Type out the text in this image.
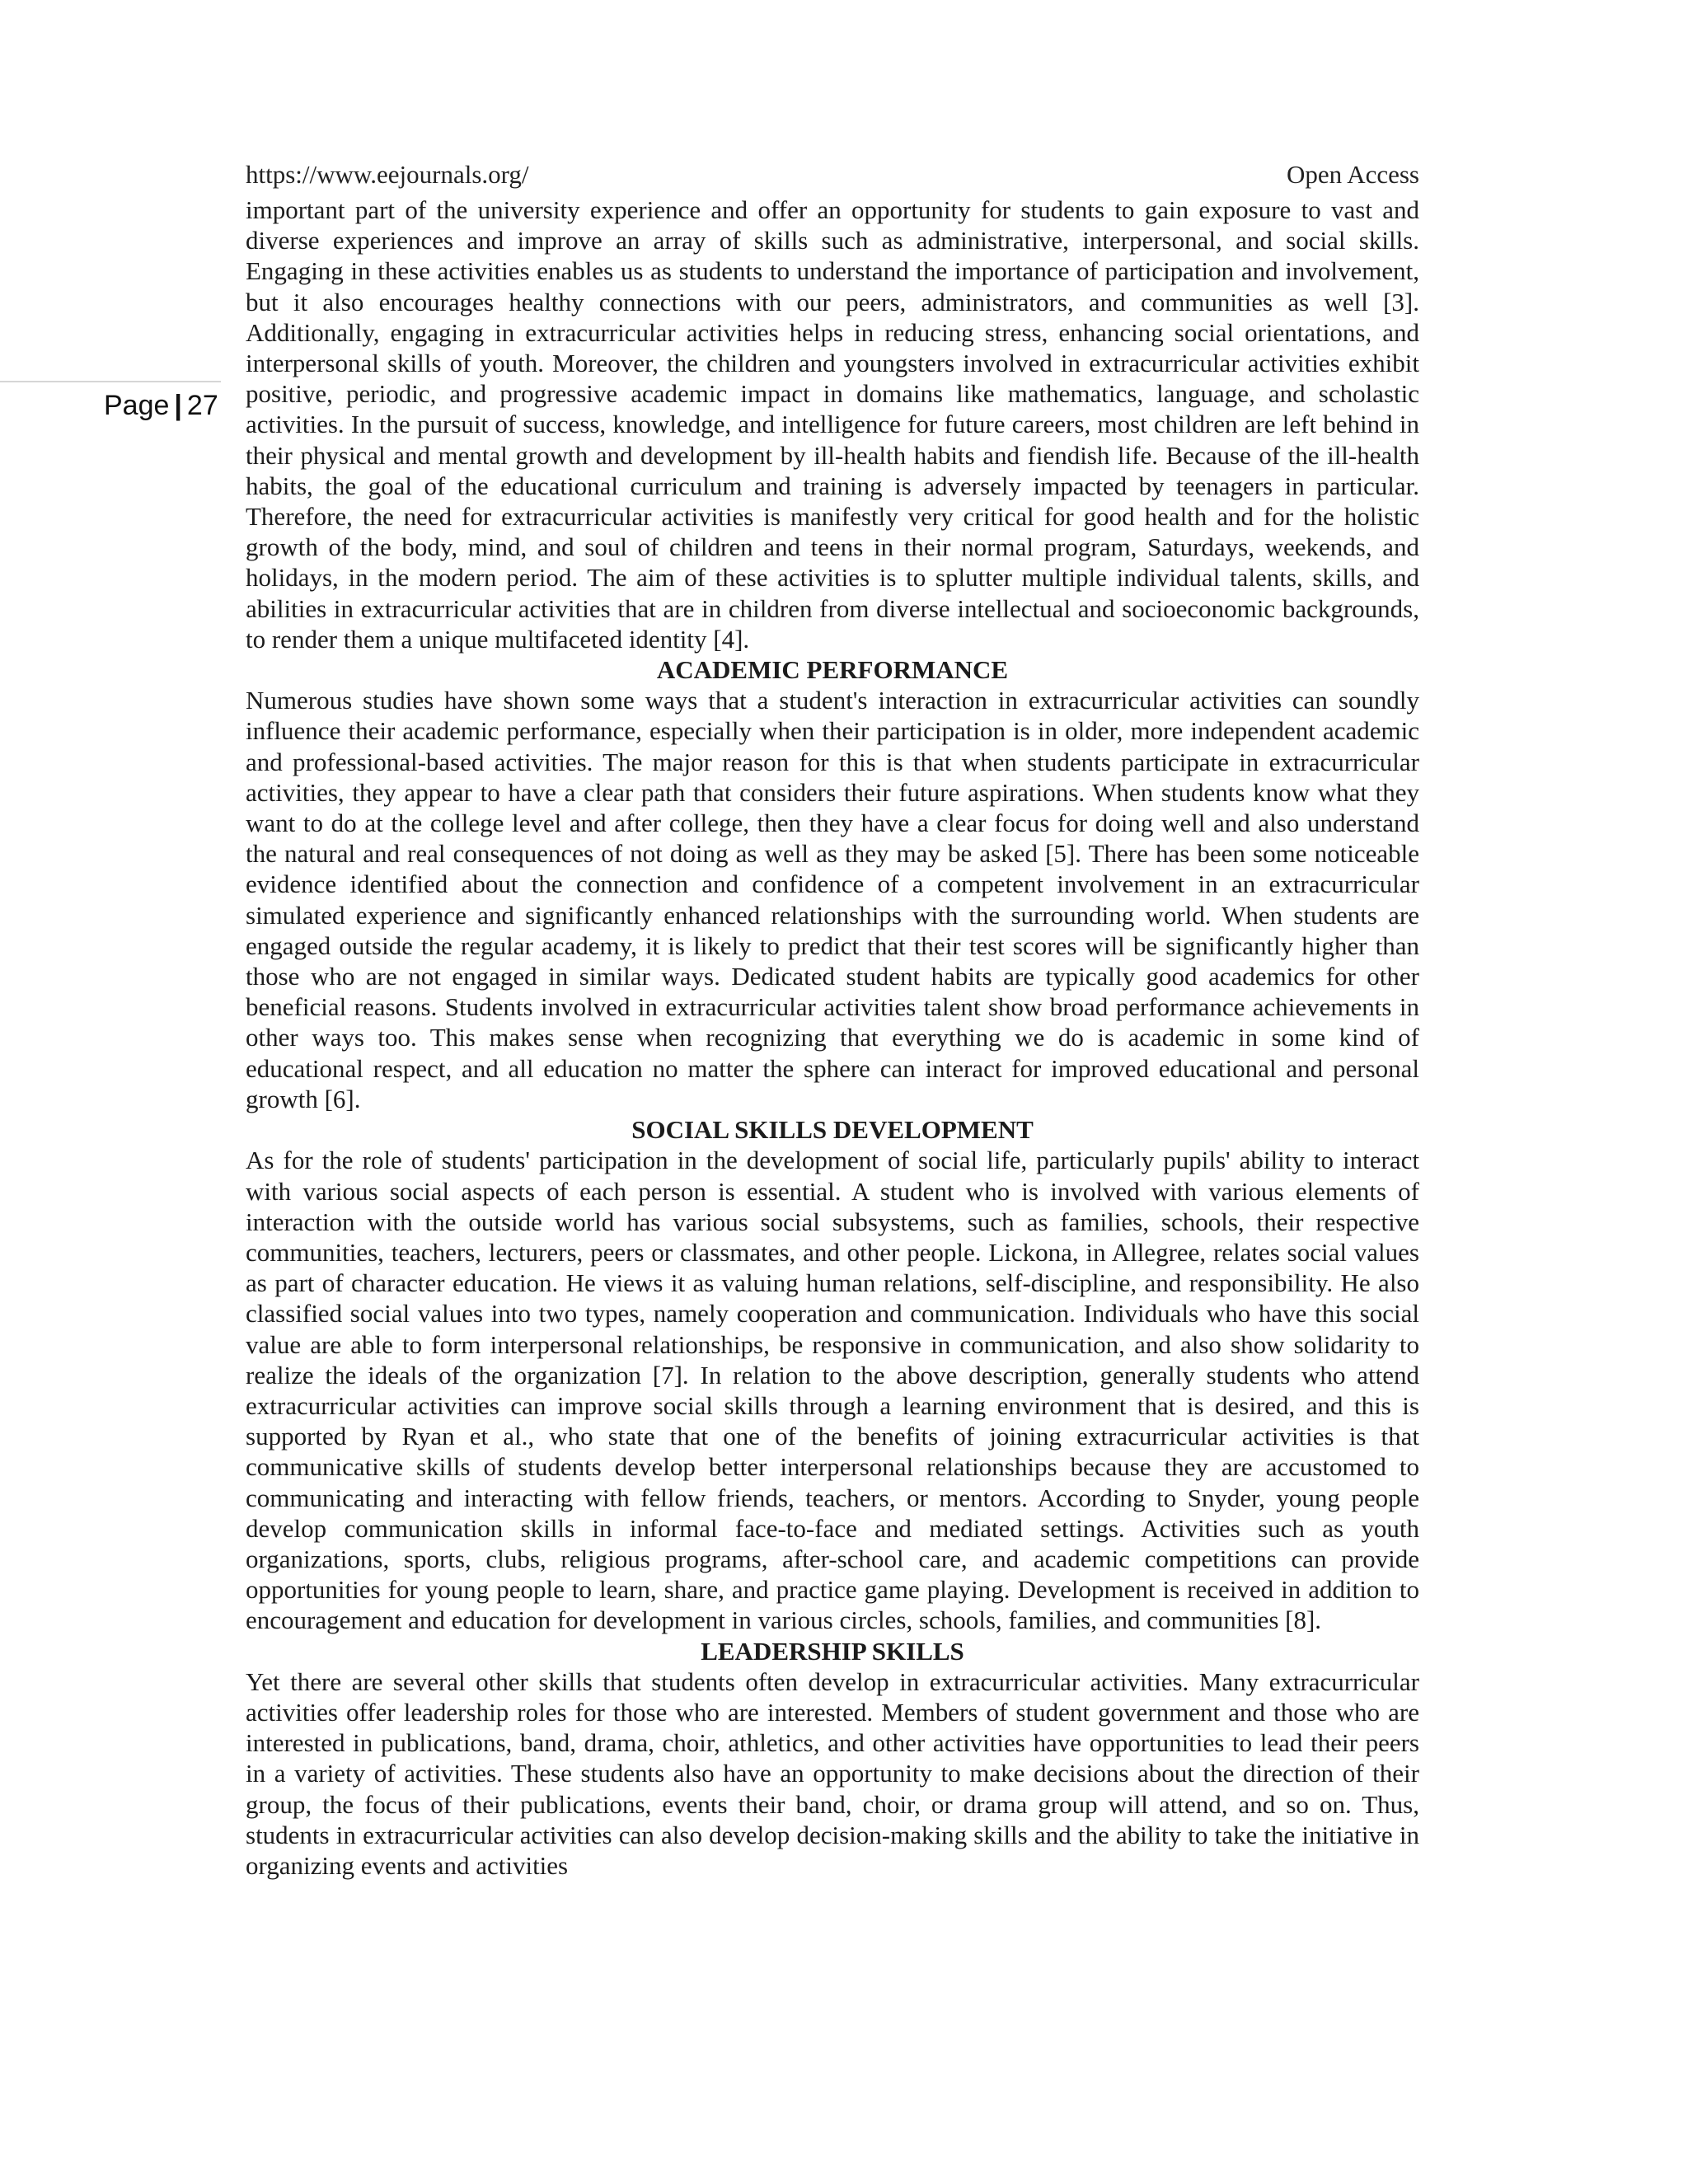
https://www.eejournals.org/	Open Access
Page | 27

important part of the university experience and offer an opportunity for students to gain exposure to vast and diverse experiences and improve an array of skills such as administrative, interpersonal, and social skills. Engaging in these activities enables us as students to understand the importance of participation and involvement, but it also encourages healthy connections with our peers, administrators, and communities as well [3]. Additionally, engaging in extracurricular activities helps in reducing stress, enhancing social orientations, and interpersonal skills of youth. Moreover, the children and youngsters involved in extracurricular activities exhibit positive, periodic, and progressive academic impact in domains like mathematics, language, and scholastic activities. In the pursuit of success, knowledge, and intelligence for future careers, most children are left behind in their physical and mental growth and development by ill-health habits and fiendish life. Because of the ill-health habits, the goal of the educational curriculum and training is adversely impacted by teenagers in particular. Therefore, the need for extracurricular activities is manifestly very critical for good health and for the holistic growth of the body, mind, and soul of children and teens in their normal program, Saturdays, weekends, and holidays, in the modern period. The aim of these activities is to splutter multiple individual talents, skills, and abilities in extracurricular activities that are in children from diverse intellectual and socioeconomic backgrounds, to render them a unique multifaceted identity [4].

ACADEMIC PERFORMANCE

Numerous studies have shown some ways that a student's interaction in extracurricular activities can soundly influence their academic performance, especially when their participation is in older, more independent academic and professional-based activities. The major reason for this is that when students participate in extracurricular activities, they appear to have a clear path that considers their future aspirations. When students know what they want to do at the college level and after college, then they have a clear focus for doing well and also understand the natural and real consequences of not doing as well as they may be asked [5]. There has been some noticeable evidence identified about the connection and confidence of a competent involvement in an extracurricular simulated experience and significantly enhanced relationships with the surrounding world. When students are engaged outside the regular academy, it is likely to predict that their test scores will be significantly higher than those who are not engaged in similar ways. Dedicated student habits are typically good academics for other beneficial reasons. Students involved in extracurricular activities talent show broad performance achievements in other ways too. This makes sense when recognizing that everything we do is academic in some kind of educational respect, and all education no matter the sphere can interact for improved educational and personal growth [6].

SOCIAL SKILLS DEVELOPMENT

As for the role of students' participation in the development of social life, particularly pupils' ability to interact with various social aspects of each person is essential. A student who is involved with various elements of interaction with the outside world has various social subsystems, such as families, schools, their respective communities, teachers, lecturers, peers or classmates, and other people. Lickona, in Allegree, relates social values as part of character education. He views it as valuing human relations, self-discipline, and responsibility. He also classified social values into two types, namely cooperation and communication. Individuals who have this social value are able to form interpersonal relationships, be responsive in communication, and also show solidarity to realize the ideals of the organization [7]. In relation to the above description, generally students who attend extracurricular activities can improve social skills through a learning environment that is desired, and this is supported by Ryan et al., who state that one of the benefits of joining extracurricular activities is that communicative skills of students develop better interpersonal relationships because they are accustomed to communicating and interacting with fellow friends, teachers, or mentors. According to Snyder, young people develop communication skills in informal face-to-face and mediated settings. Activities such as youth organizations, sports, clubs, religious programs, after-school care, and academic competitions can provide opportunities for young people to learn, share, and practice game playing. Development is received in addition to encouragement and education for development in various circles, schools, families, and communities [8].

LEADERSHIP SKILLS

Yet there are several other skills that students often develop in extracurricular activities. Many extracurricular activities offer leadership roles for those who are interested. Members of student government and those who are interested in publications, band, drama, choir, athletics, and other activities have opportunities to lead their peers in a variety of activities. These students also have an opportunity to make decisions about the direction of their group, the focus of their publications, events their band, choir, or drama group will attend, and so on. Thus, students in extracurricular activities can also develop decision-making skills and the ability to take the initiative in organizing events and activities
